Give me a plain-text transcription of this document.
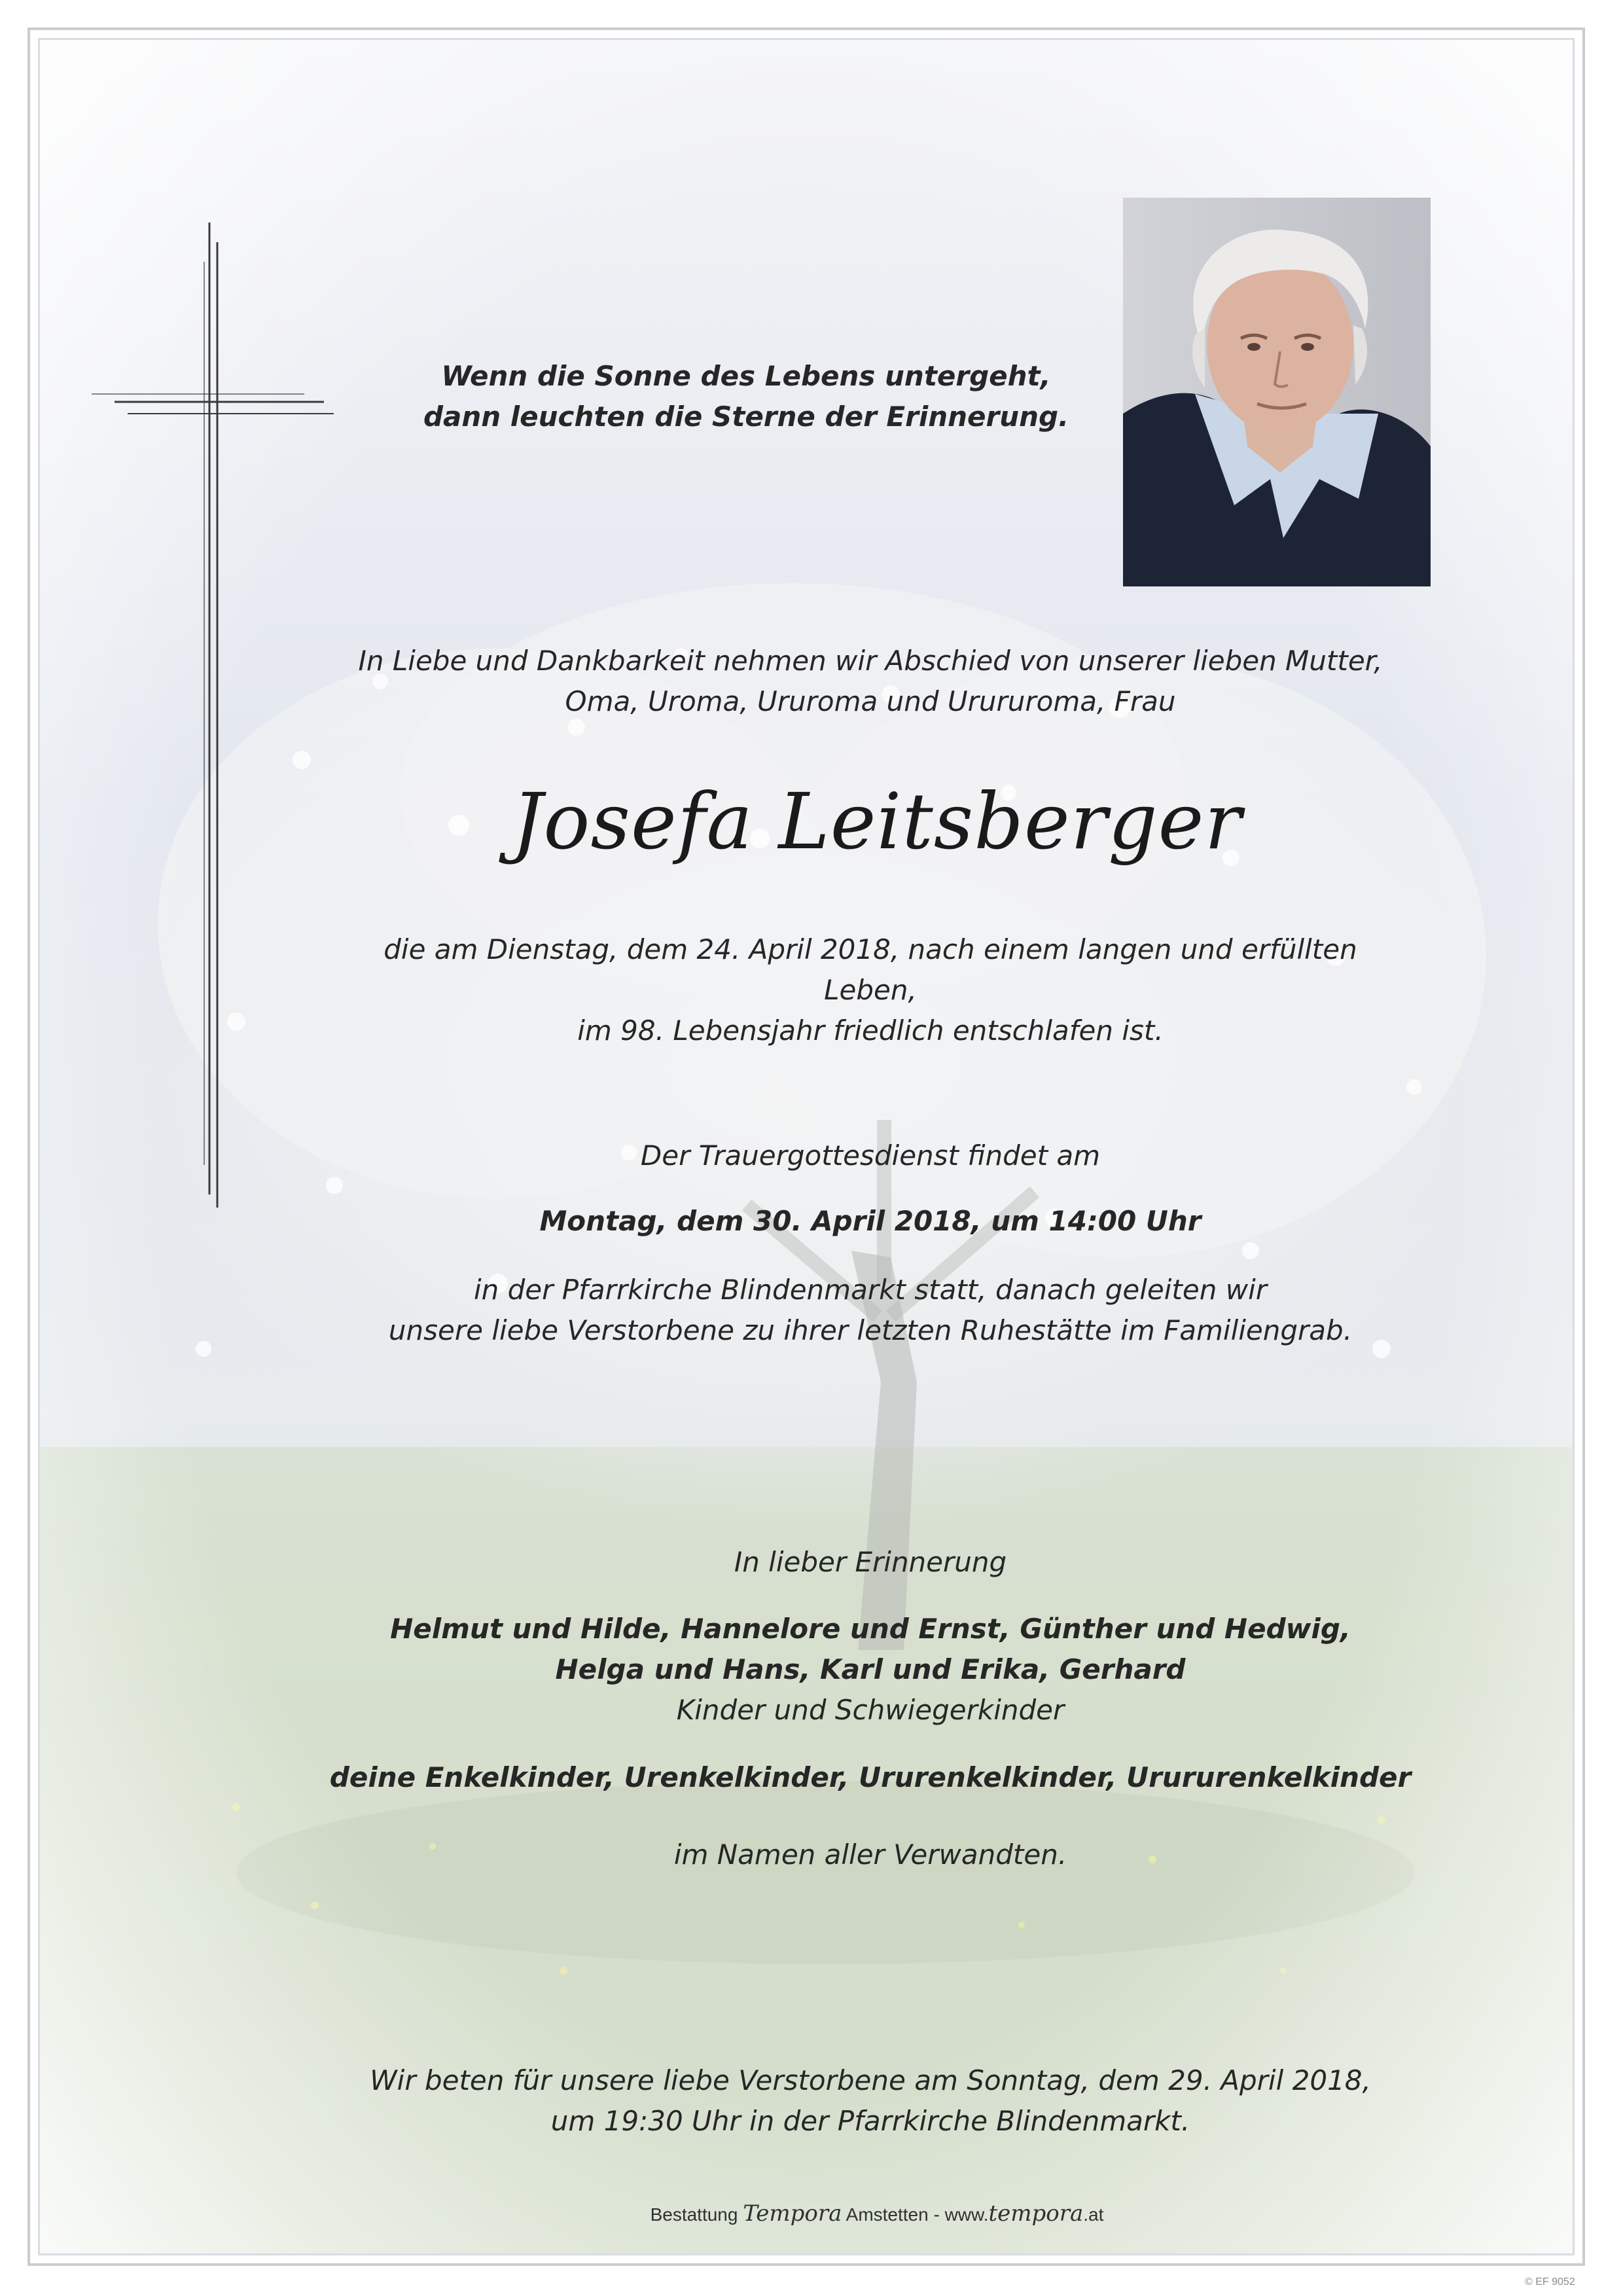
Wenn die Sonne des Lebens untergeht,
dann leuchten die Sterne der Erinnerung.
In Liebe und Dankbarkeit nehmen wir Abschied von unserer lieben Mutter,
Oma, Uroma, Ururoma und Urururoma, Frau
Josefa Leitsberger
die am Dienstag, dem 24. April 2018, nach einem langen und erfüllten Leben,
im 98. Lebensjahr friedlich entschlafen ist.
Der Trauergottesdienst findet am
Montag, dem 30. April 2018, um 14:00 Uhr
in der Pfarrkirche Blindenmarkt statt, danach geleiten wir
unsere liebe Verstorbene zu ihrer letzten Ruhestätte im Familiengrab.
In lieber Erinnerung
Helmut und Hilde, Hannelore und Ernst, Günther und Hedwig,
Helga und Hans, Karl und Erika, Gerhard
Kinder und Schwiegerkinder
deine Enkelkinder, Urenkelkinder, Ururenkelkinder, Urururenkelkinder
im Namen aller Verwandten.
Wir beten für unsere liebe Verstorbene am Sonntag, dem 29. April 2018,
um 19:30 Uhr in der Pfarrkirche Blindenmarkt.
Bestattung Tempora Amstetten - www.tempora.at
© EF 9052
